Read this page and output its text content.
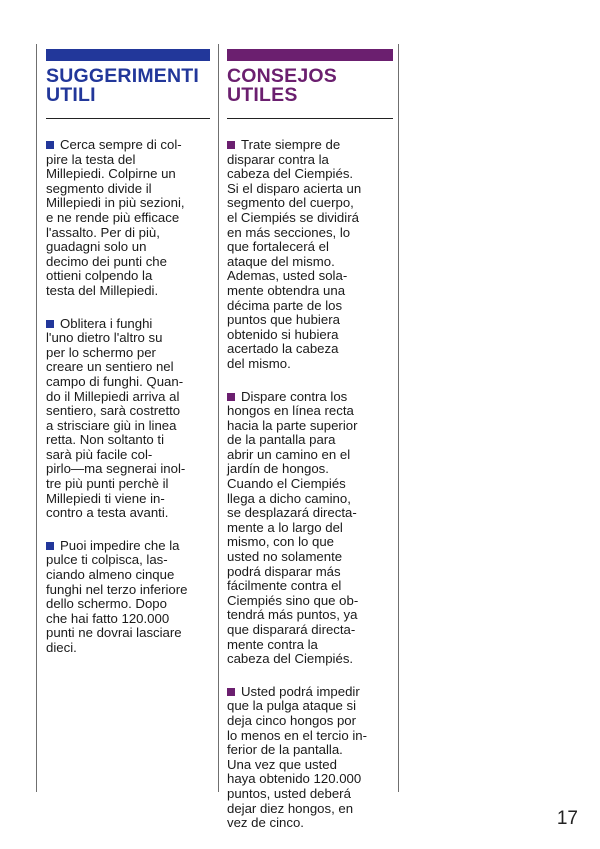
SUGGERIMENTI
UTILI

Cerca sempre di col-
pire la testa del
Millepiedi. Colpirne un
segmento divide il
Millepiedi in più sezioni,
e ne rende più efficace
l'assalto. Per di più,
guadagni solo un
decimo dei punti che
ottieni colpendo la
testa del Millepiedi.

Oblitera i funghi
l'uno dietro l'altro su
per lo schermo per
creare un sentiero nel
campo di funghi. Quan-
do il Millepiedi arriva al
sentiero, sarà costretto
a strisciare giù in linea
retta. Non soltanto ti
sarà più facile col-
pirlo—ma segnerai inol-
tre più punti perchè il
Millepiedi ti viene in-
contro a testa avanti.

Puoi impedire che la
pulce ti colpisca, las-
ciando almeno cinque
funghi nel terzo inferiore
dello schermo. Dopo
che hai fatto 120.000
punti ne dovrai lasciare
dieci.

CONSEJOS
UTILES

Trate siempre de
disparar contra la
cabeza del Ciempiés.
Si el disparo acierta un
segmento del cuerpo,
el Ciempiés se dividirá
en más secciones, lo
que fortalecerá el
ataque del mismo.
Ademas, usted sola-
mente obtendra una
décima parte de los
puntos que hubiera
obtenido si hubiera
acertado la cabeza
del mismo.

Dispare contra los
hongos en línea recta
hacia la parte superior
de la pantalla para
abrir un camino en el
jardín de hongos.
Cuando el Ciempiés
llega a dicho camino,
se desplazará directa-
mente a lo largo del
mismo, con lo que
usted no solamente
podrá disparar más
fácilmente contra el
Ciempiés sino que ob-
tendrá más puntos, ya
que disparará directa-
mente contra la
cabeza del Ciempiés.

Usted podrá impedir
que la pulga ataque si
deja cinco hongos por
lo menos en el tercio in-
ferior de la pantalla.
Una vez que usted
haya obtenido 120.000
puntos, usted deberá
dejar diez hongos, en
vez de cinco.	17
